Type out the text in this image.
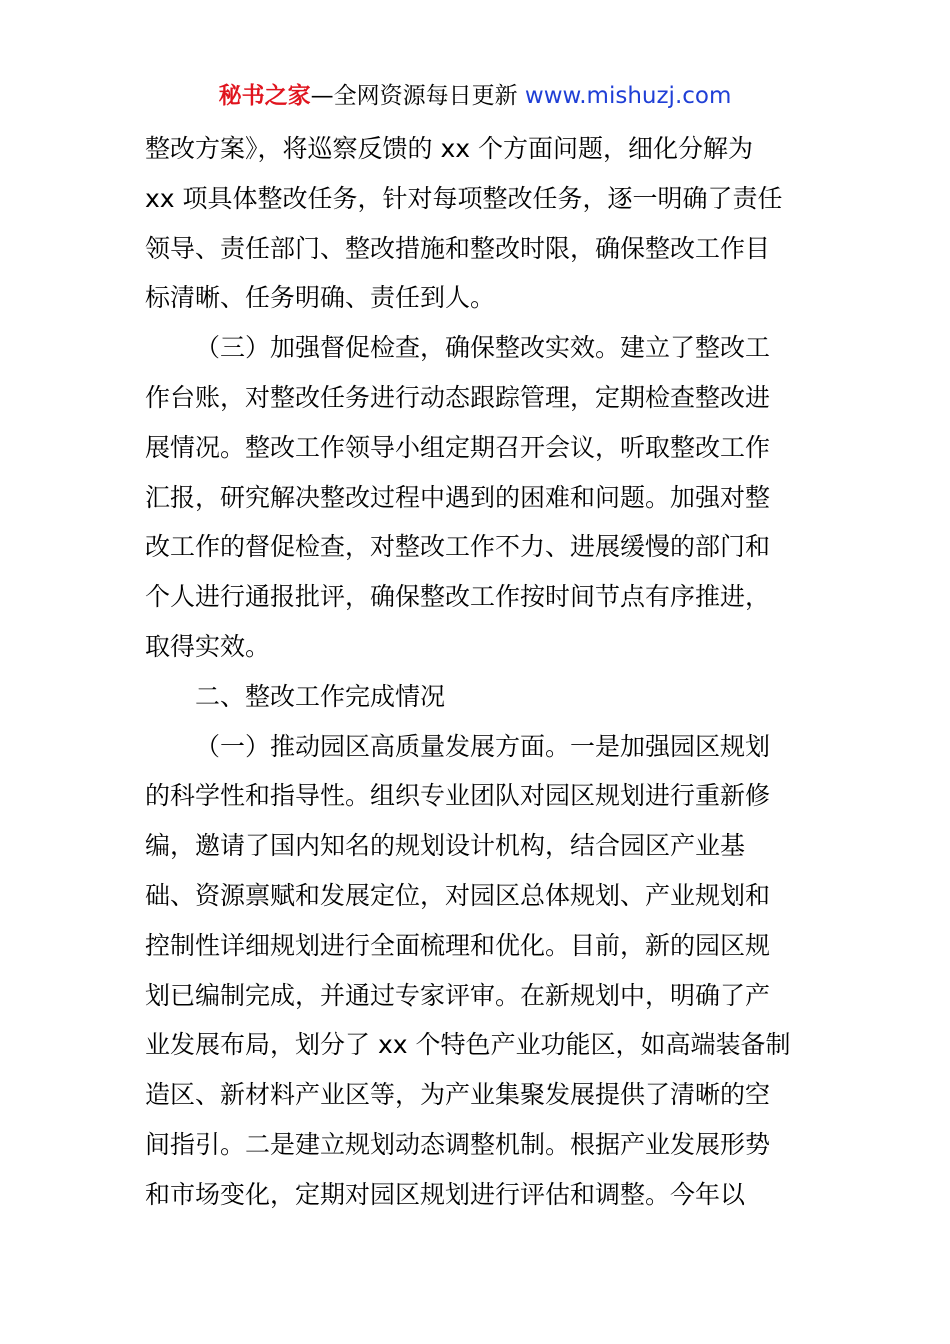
秘书之家—全网资源每日更新 www.mishuzj.com
整改方案》，将巡察反馈的 xx 个方面问题，细化分解为
xx 项具体整改任务，针对每项整改任务，逐一明确了责任
领导、责任部门、整改措施和整改时限，确保整改工作目
标清晰、任务明确、责任到人。
（三）加强督促检查，确保整改实效。建立了整改工
作台账，对整改任务进行动态跟踪管理，定期检查整改进
展情况。整改工作领导小组定期召开会议，听取整改工作
汇报，研究解决整改过程中遇到的困难和问题。加强对整
改工作的督促检查，对整改工作不力、进展缓慢的部门和
个人进行通报批评，确保整改工作按时间节点有序推进，
取得实效。
二、整改工作完成情况
（一）推动园区高质量发展方面。一是加强园区规划
的科学性和指导性。组织专业团队对园区规划进行重新修
编，邀请了国内知名的规划设计机构，结合园区产业基
础、资源禀赋和发展定位，对园区总体规划、产业规划和
控制性详细规划进行全面梳理和优化。目前，新的园区规
划已编制完成，并通过专家评审。在新规划中，明确了产
业发展布局，划分了 xx 个特色产业功能区，如高端装备制
造区、新材料产业区等，为产业集聚发展提供了清晰的空
间指引。二是建立规划动态调整机制。根据产业发展形势
和市场变化，定期对园区规划进行评估和调整。今年以
